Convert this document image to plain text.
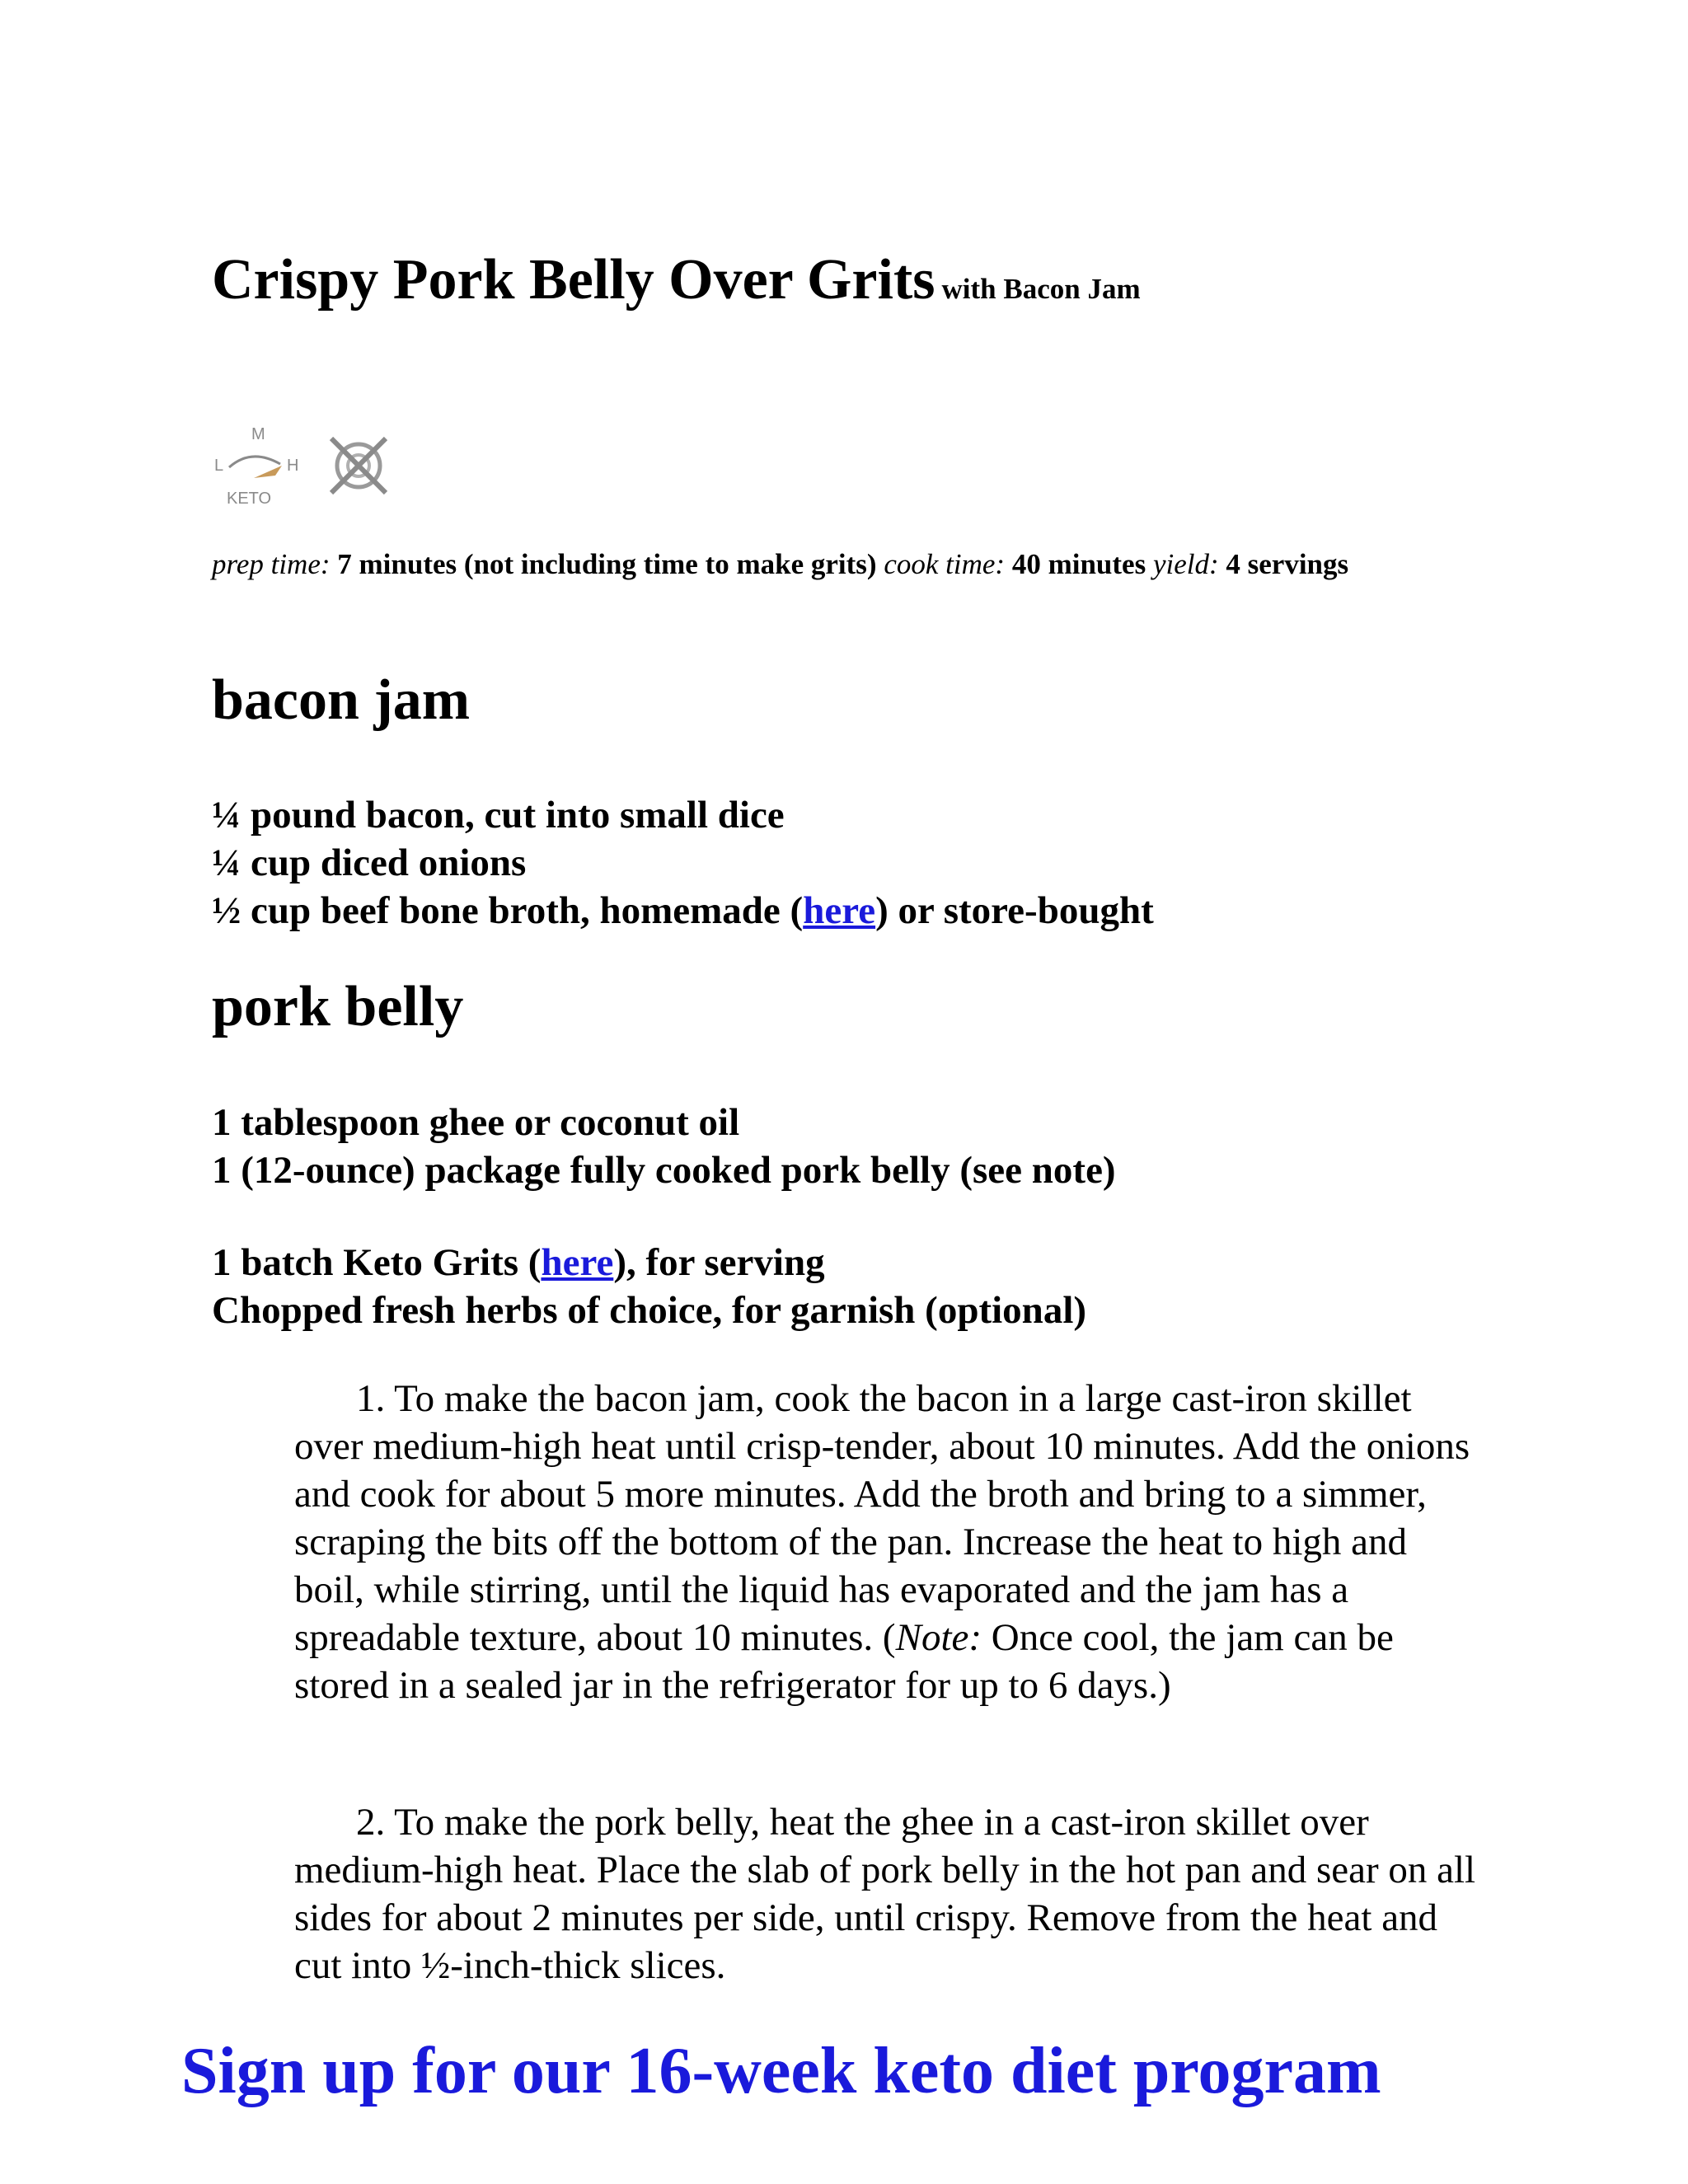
Crispy Pork Belly Over Grits with Bacon Jam
M
L	H
KETO
prep time: 7 minutes (not including time to make grits) cook time: 40 minutes yield: 4 servings
bacon jam
¼ pound bacon, cut into small dice
¼ cup diced onions
½ cup beef bone broth, homemade (here) or store-bought
pork belly
1 tablespoon ghee or coconut oil
1 (12-ounce) package fully cooked pork belly (see note)
1 batch Keto Grits (here), for serving
Chopped fresh herbs of choice, for garnish (optional)

1. To make the bacon jam, cook the bacon in a large cast-iron skillet over medium-high heat until crisp-tender, about 10 minutes. Add the onions and cook for about 5 more minutes. Add the broth and bring to a simmer, scraping the bits off the bottom of the pan. Increase the heat to high and boil, while stirring, until the liquid has evaporated and the jam has a spreadable texture, about 10 minutes. (Note: Once cool, the jam can be stored in a sealed jar in the refrigerator for up to 6 days.)

2. To make the pork belly, heat the ghee in a cast-iron skillet over medium-high heat. Place the slab of pork belly in the hot pan and sear on all sides for about 2 minutes per side, until crispy. Remove from the heat and cut into ½-inch-thick slices.

Sign up for our 16-week keto diet program
